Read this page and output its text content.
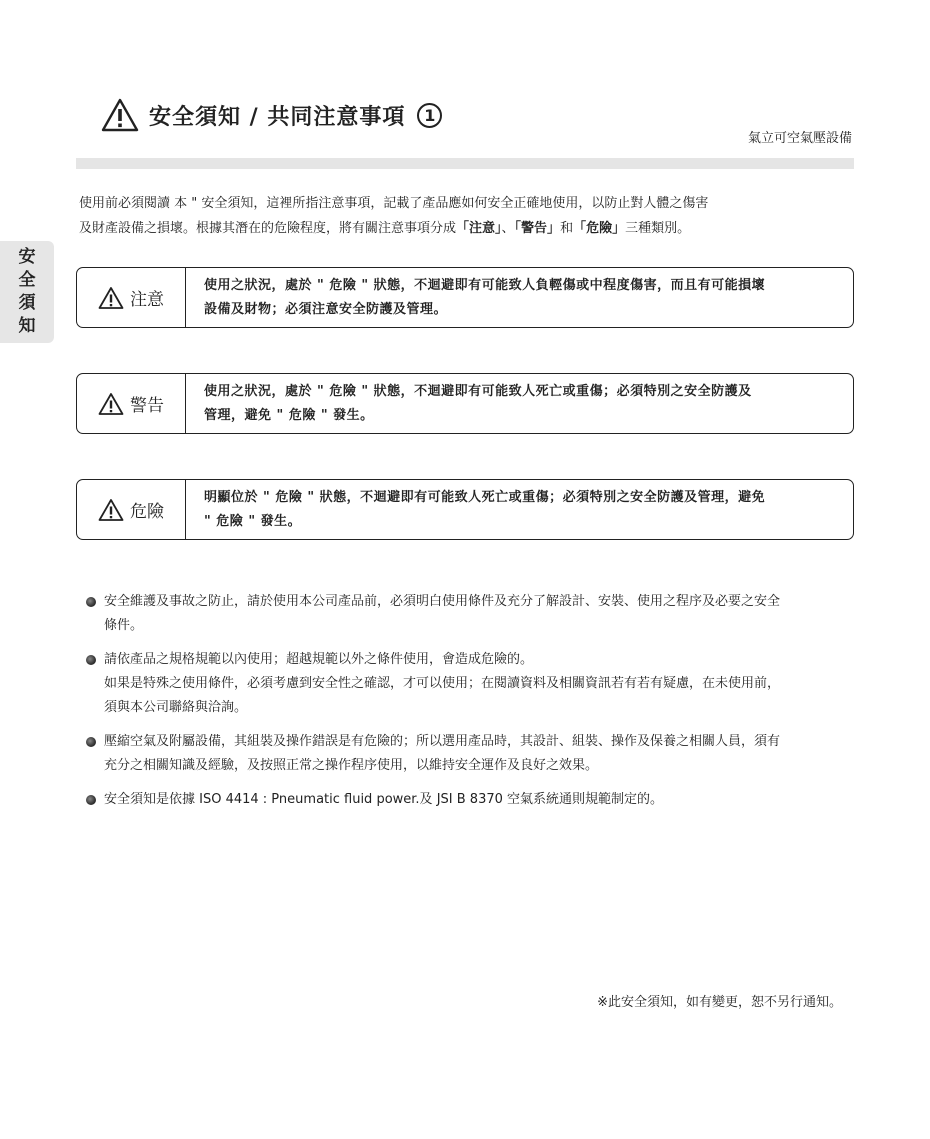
安
全
須
知
安全須知 / 共同注意事項	1
氣立可空氣壓設備

使用前必須閱讀 本 " 安全須知，這裡所指注意事項，記載了產品應如何安全正確地使用，以防止對人體之傷害

及財產設備之損壞。根據其潛在的危險程度，將有關注意事項分成「注意」、「警告」和「危險」三種類別。

注意

使用之狀況，處於 " 危險 " 狀態，不迴避即有可能致人負輕傷或中程度傷害，而且有可能損壞

設備及財物；必須注意安全防護及管理。

警告

使用之狀況，處於 " 危險 " 狀態，不迴避即有可能致人死亡或重傷；必須特別之安全防護及

管理，避免 " 危險 " 發生。

危險

明顯位於 " 危險 " 狀態，不迴避即有可能致人死亡或重傷；必須特別之安全防護及管理，避免

" 危險 " 發生。

安全維護及事故之防止，請於使用本公司產品前，必須明白使用條件及充分了解設計、安裝、使用之程序及必要之安全

條件。

請依產品之規格規範以內使用；超越規範以外之條件使用，會造成危險的。

如果是特殊之使用條件，必須考慮到安全性之確認，才可以使用；在閱讀資料及相關資訊若有若有疑慮，在未使用前，

須與本公司聯絡與洽詢。

壓縮空氣及附屬設備，其組裝及操作錯誤是有危險的；所以選用產品時，其設計、組裝、操作及保養之相關人員，須有

充分之相關知識及經驗，及按照正常之操作程序使用，以維持安全運作及良好之效果。

安全須知是依據 ISO 4414 : Pneumatic fluid power.及 JSI B 8370 空氣系統通則規範制定的。

※此安全須知，如有變更，恕不另行通知。
